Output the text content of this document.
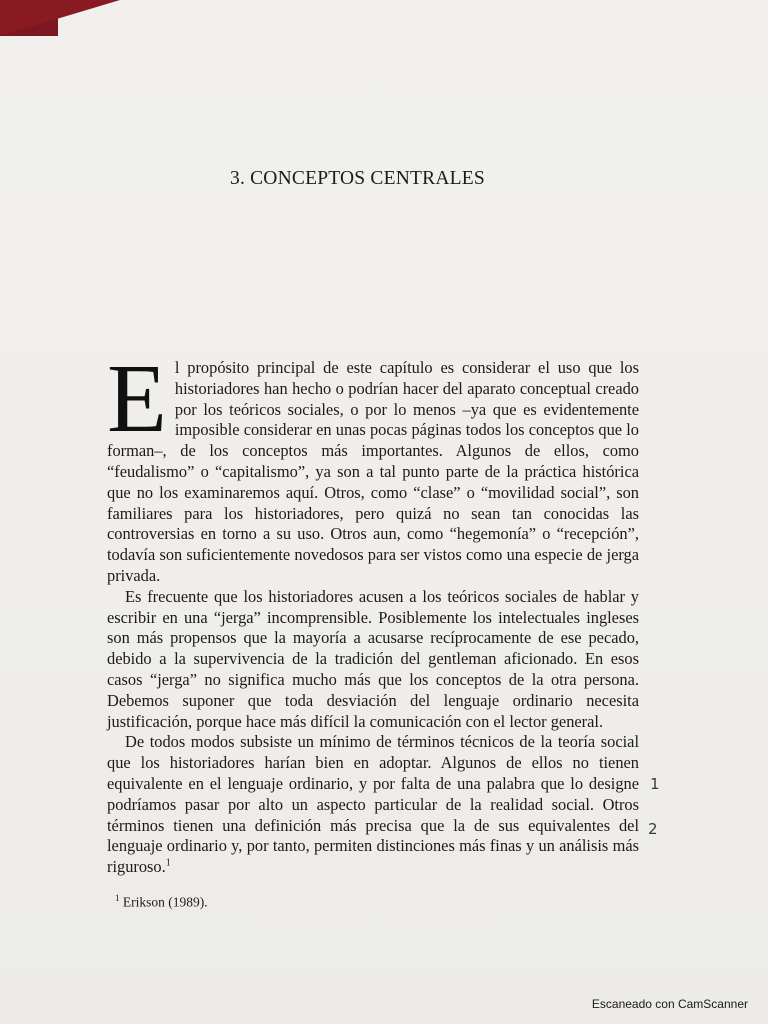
3. CONCEPTOS CENTRALES

El propósito principal de este capítulo es considerar el uso que los historiadores han hecho o podrían hacer del aparato conceptual creado por los teóricos sociales, o por lo menos –ya que es evidentemente imposible considerar en unas pocas páginas todos los conceptos que lo forman–, de los conceptos más importantes. Algunos de ellos, como “feudalismo” o “capitalismo”, ya son a tal punto parte de la práctica histórica que no los examinaremos aquí. Otros, como “clase” o “movilidad social”, son familiares para los historiadores, pero quizá no sean tan conocidas las controversias en torno a su uso. Otros aun, como “hegemonía” o “recepción”, todavía son suficientemente novedosos para ser vistos como una especie de jerga privada.

Es frecuente que los historiadores acusen a los teóricos sociales de hablar y escribir en una “jerga” incomprensible. Posiblemente los intelectuales ingleses son más propensos que la mayoría a acusarse recíprocamente de ese pecado, debido a la supervivencia de la tradición del gentleman aficionado. En esos casos “jerga” no significa mucho más que los conceptos de la otra persona. Debemos suponer que toda desviación del lenguaje ordinario necesita justificación, porque hace más difícil la comunicación con el lector general.

De todos modos subsiste un mínimo de términos técnicos de la teoría social que los historiadores harían bien en adoptar. Algunos de ellos no tienen equivalente en el lenguaje ordinario, y por falta de una palabra que lo designe podríamos pasar por alto un aspecto particular de la realidad social. Otros términos tienen una definición más precisa que la de sus equivalentes del lenguaje ordinario y, por tanto, permiten distinciones más finas y un análisis más riguroso.$^1$

1
2
$^1$ Erikson (1989).
Escaneado con CamScanner
